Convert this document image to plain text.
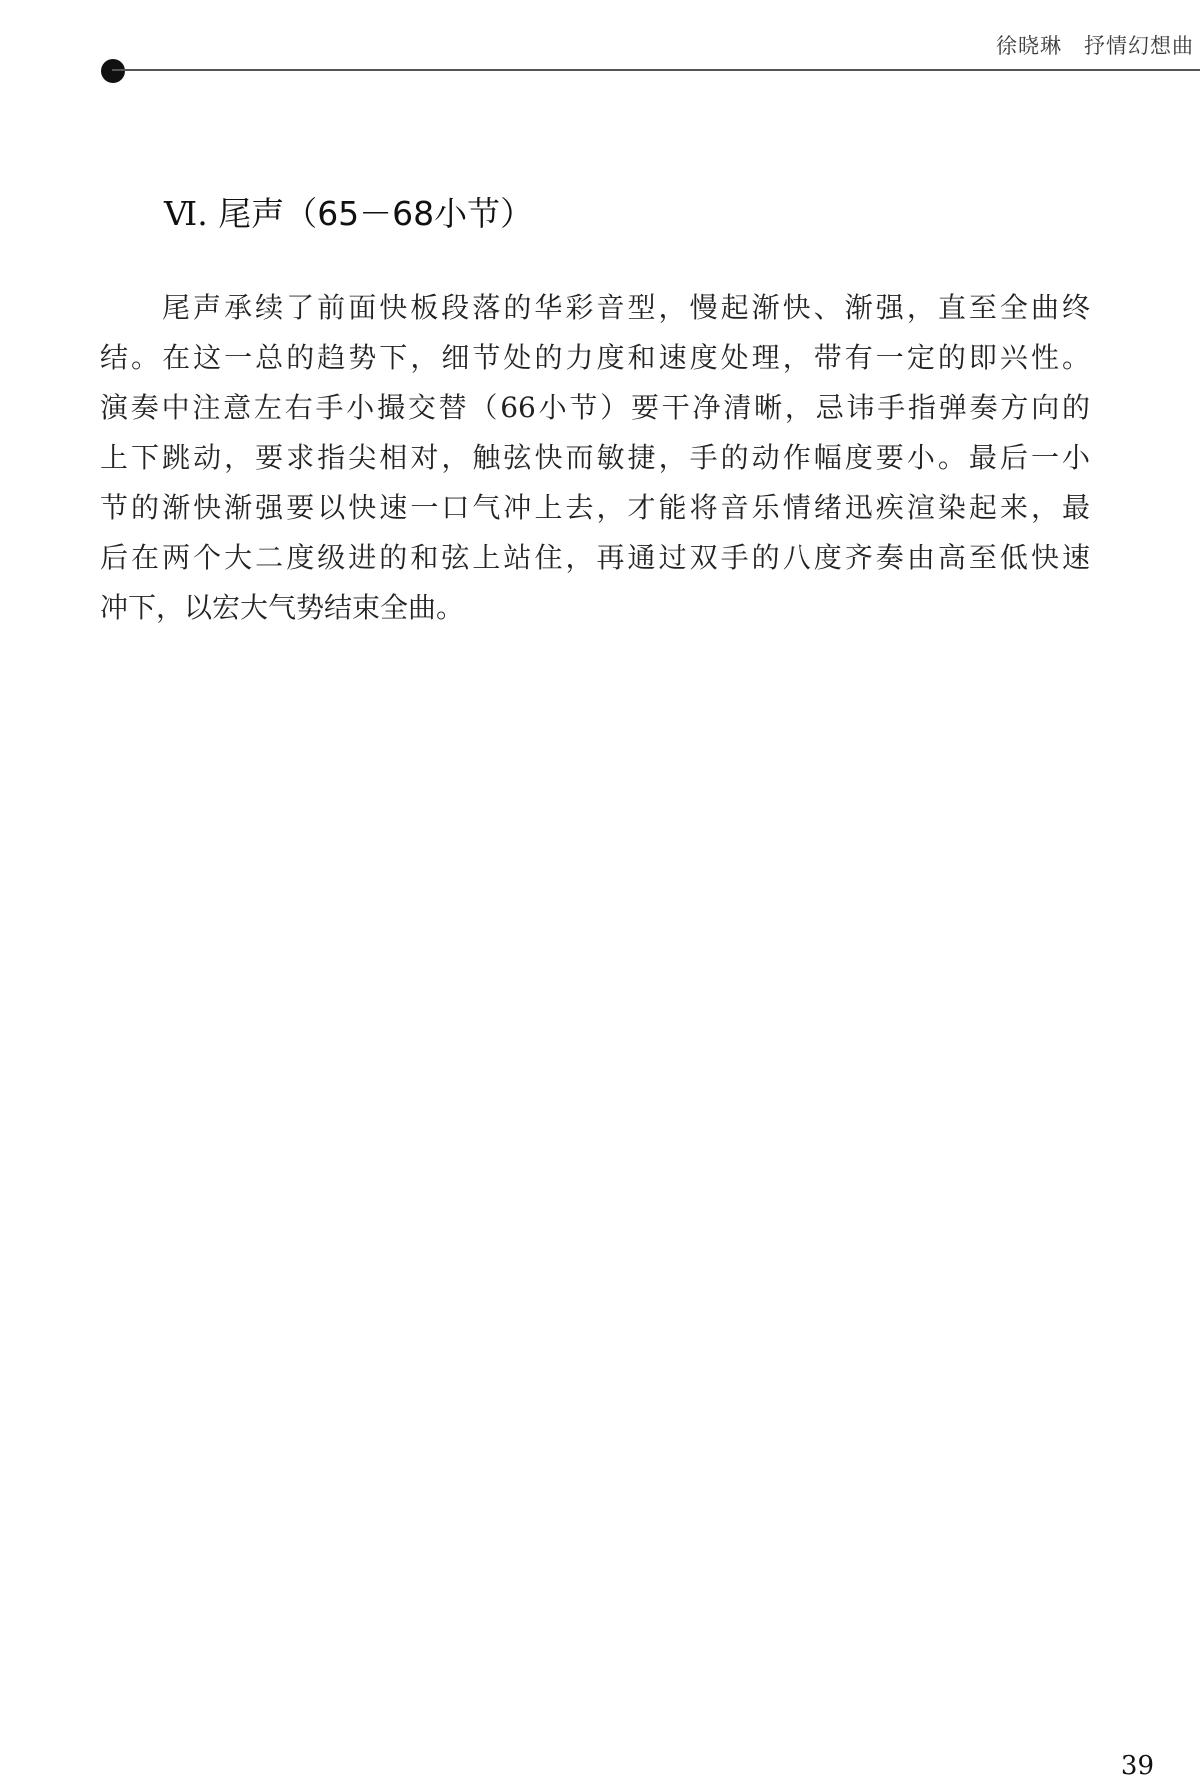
徐晓琳 抒情幻想曲
Ⅵ. 尾声（65－68小节）

尾声承续了前面快板段落的华彩音型，慢起渐快、渐强，直至全曲终
结。在这一总的趋势下，细节处的力度和速度处理，带有一定的即兴性。
演奏中注意左右手小撮交替（66小节）要干净清晰，忌讳手指弹奏方向的
上下跳动，要求指尖相对，触弦快而敏捷，手的动作幅度要小。最后一小
节的渐快渐强要以快速一口气冲上去，才能将音乐情绪迅疾渲染起来，最
后在两个大二度级进的和弦上站住，再通过双手的八度齐奏由高至低快速
冲下，以宏大气势结束全曲。

39
